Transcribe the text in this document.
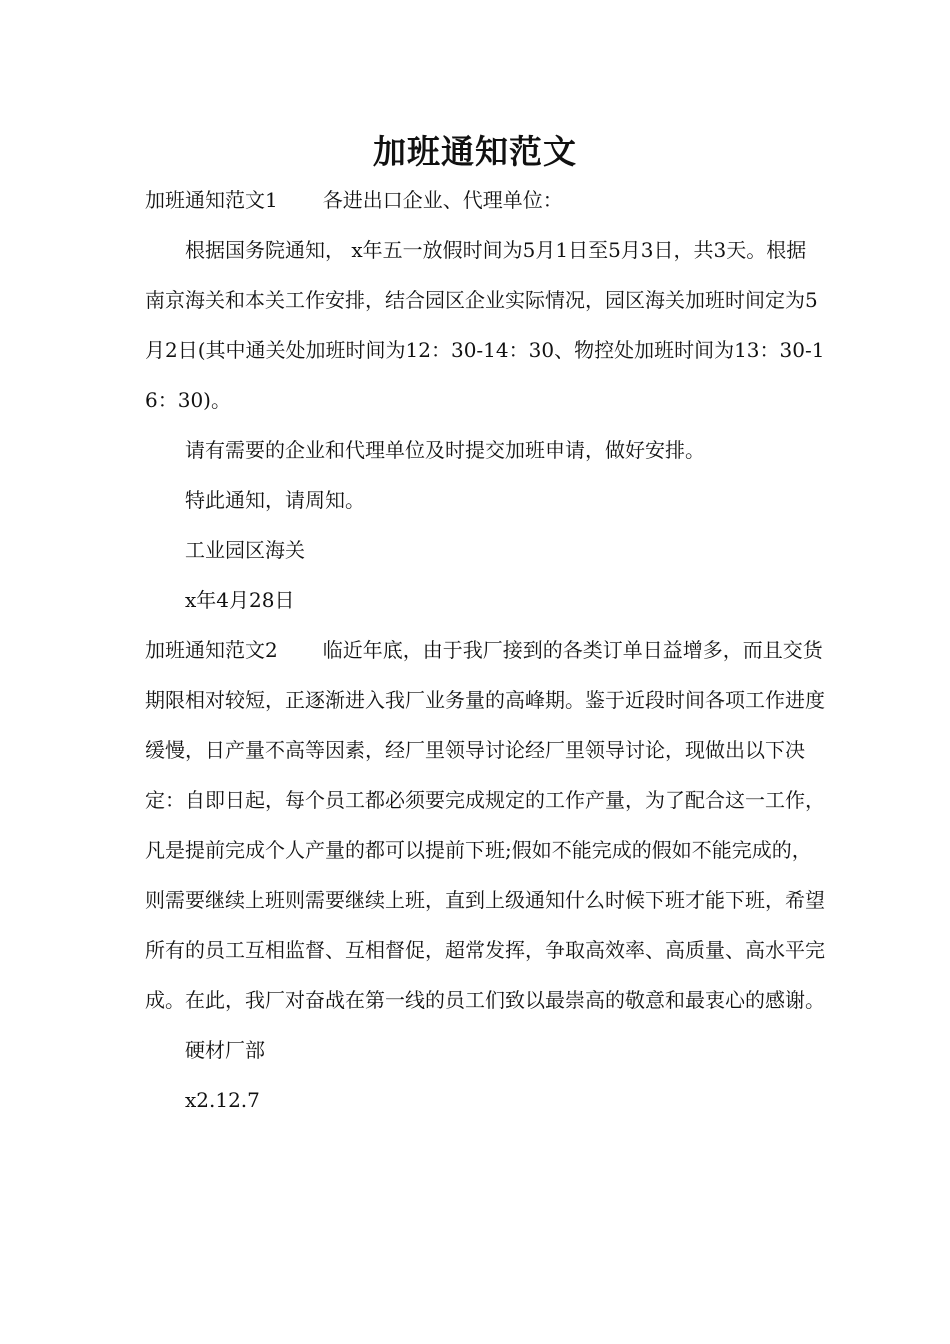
加班通知范文

加班通知范文1 各进出口企业、代理单位：

根据国务院通知， x年五一放假时间为5月1日至5月3日，共3天。根据南京海关和本关工作安排，结合园区企业实际情况，园区海关加班时间定为5月2日(其中通关处加班时间为12：30-14：30、物控处加班时间为13：30-16：30)。

请有需要的企业和代理单位及时提交加班申请，做好安排。

特此通知，请周知。

工业园区海关

x年4月28日

加班通知范文2 临近年底，由于我厂接到的各类订单日益增多，而且交货期限相对较短，正逐渐进入我厂业务量的高峰期。鉴于近段时间各项工作进度缓慢，日产量不高等因素，经厂里领导讨论经厂里领导讨论，现做出以下决定：自即日起，每个员工都必须要完成规定的工作产量，为了配合这一工作，凡是提前完成个人产量的都可以提前下班;假如不能完成的假如不能完成的，则需要继续上班则需要继续上班，直到上级通知什么时候下班才能下班，希望所有的员工互相监督、互相督促，超常发挥，争取高效率、高质量、高水平完成。在此，我厂对奋战在第一线的员工们致以最崇高的敬意和最衷心的感谢。

硬材厂部

x2.12.7
